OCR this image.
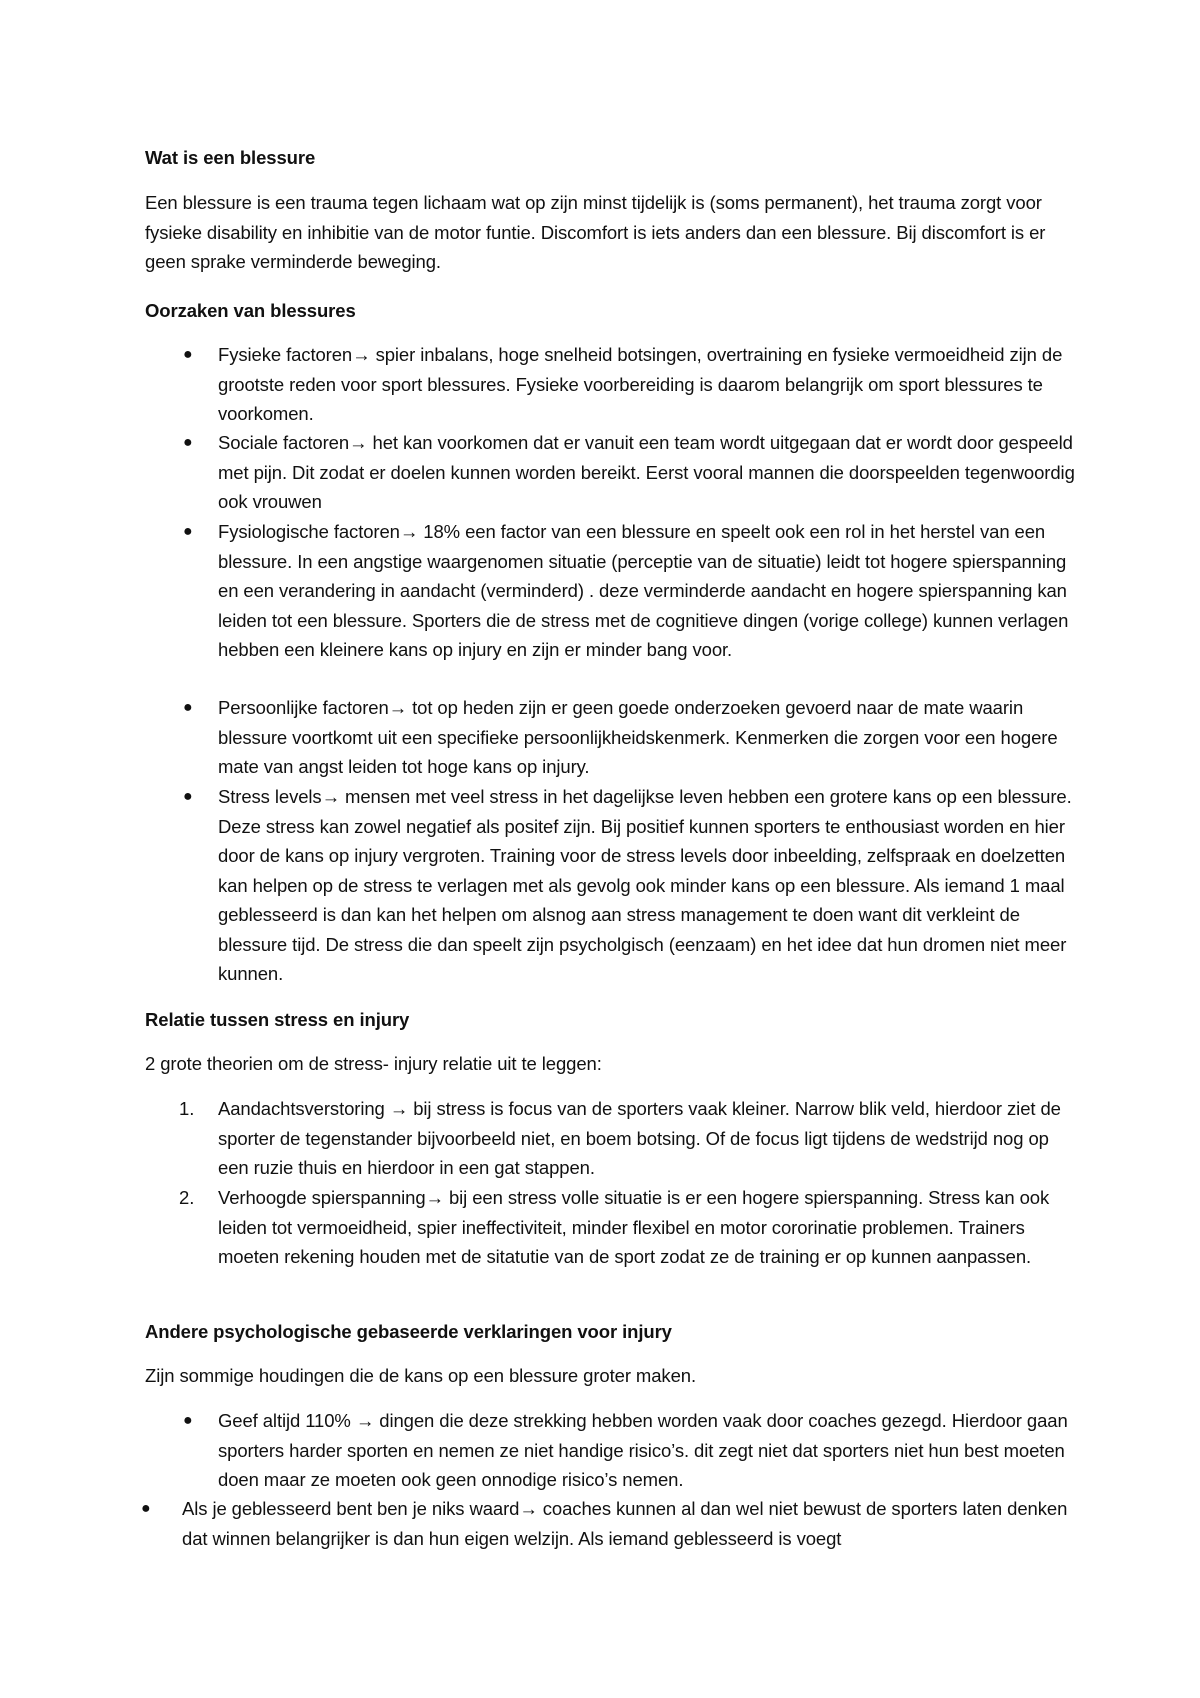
Wat is een blessure

Een blessure is een trauma tegen lichaam wat op zijn minst tijdelijk is (soms permanent), het trauma zorgt voor fysieke disability en inhibitie van de motor funtie. Discomfort is iets anders dan een blessure. Bij discomfort is er geen sprake verminderde beweging.

Oorzaken van blessures
● Fysieke factoren→ spier inbalans, hoge snelheid botsingen, overtraining en fysieke vermoeidheid zijn de grootste reden voor sport blessures. Fysieke voorbereiding is daarom belangrijk om sport blessures te voorkomen.

● Sociale factoren→ het kan voorkomen dat er vanuit een team wordt uitgegaan dat er wordt door gespeeld met pijn. Dit zodat er doelen kunnen worden bereikt. Eerst vooral mannen die doorspeelden tegenwoordig ook vrouwen

● Fysiologische factoren→ 18% een factor van een blessure en speelt ook een rol in het herstel van een blessure. In een angstige waargenomen situatie (perceptie van de situatie) leidt tot hogere spierspanning en een verandering in aandacht (verminderd) . deze verminderde aandacht en hogere spierspanning kan leiden tot een blessure. Sporters die de stress met de cognitieve dingen (vorige college) kunnen verlagen hebben een kleinere kans op injury en zijn er minder bang voor.

● Persoonlijke factoren→ tot op heden zijn er geen goede onderzoeken gevoerd naar de mate waarin blessure voortkomt uit een specifieke persoonlijkheidskenmerk. Kenmerken die zorgen voor een hogere mate van angst leiden tot hoge kans op injury.

● Stress levels→ mensen met veel stress in het dagelijkse leven hebben een grotere kans op een blessure. Deze stress kan zowel negatief als positef zijn. Bij positief kunnen sporters te enthousiast worden en hier door de kans op injury vergroten. Training voor de stress levels door inbeelding, zelfspraak en doelzetten kan helpen op de stress te verlagen met als gevolg ook minder kans op een blessure. Als iemand 1 maal geblesseerd is dan kan het helpen om alsnog aan stress management te doen want dit verkleint de blessure tijd. De stress die dan speelt zijn psycholgisch (eenzaam) en het idee dat hun dromen niet meer kunnen.

Relatie tussen stress en injury

2 grote theorien om de stress- injury relatie uit te leggen:

1. Aandachtsverstoring → bij stress is focus van de sporters vaak kleiner. Narrow blik veld, hierdoor ziet de sporter de tegenstander bijvoorbeeld niet, en boem botsing. Of de focus ligt tijdens de wedstrijd nog op een ruzie thuis en hierdoor in een gat stappen.

2. Verhoogde spierspanning→ bij een stress volle situatie is er een hogere spierspanning. Stress kan ook leiden tot vermoeidheid, spier ineffectiviteit, minder flexibel en motor cororinatie problemen. Trainers moeten rekening houden met de sitatutie van de sport zodat ze de training er op kunnen aanpassen.

Andere psychologische gebaseerde verklaringen voor injury

Zijn sommige houdingen die de kans op een blessure groter maken.

● Geef altijd 110% → dingen die deze strekking hebben worden vaak door coaches gezegd. Hierdoor gaan sporters harder sporten en nemen ze niet handige risico’s. dit zegt niet dat sporters niet hun best moeten doen maar ze moeten ook geen onnodige risico’s nemen.

● Als je geblesseerd bent ben je niks waard→ coaches kunnen al dan wel niet bewust de sporters laten denken dat winnen belangrijker is dan hun eigen welzijn. Als iemand geblesseerd is voegt
